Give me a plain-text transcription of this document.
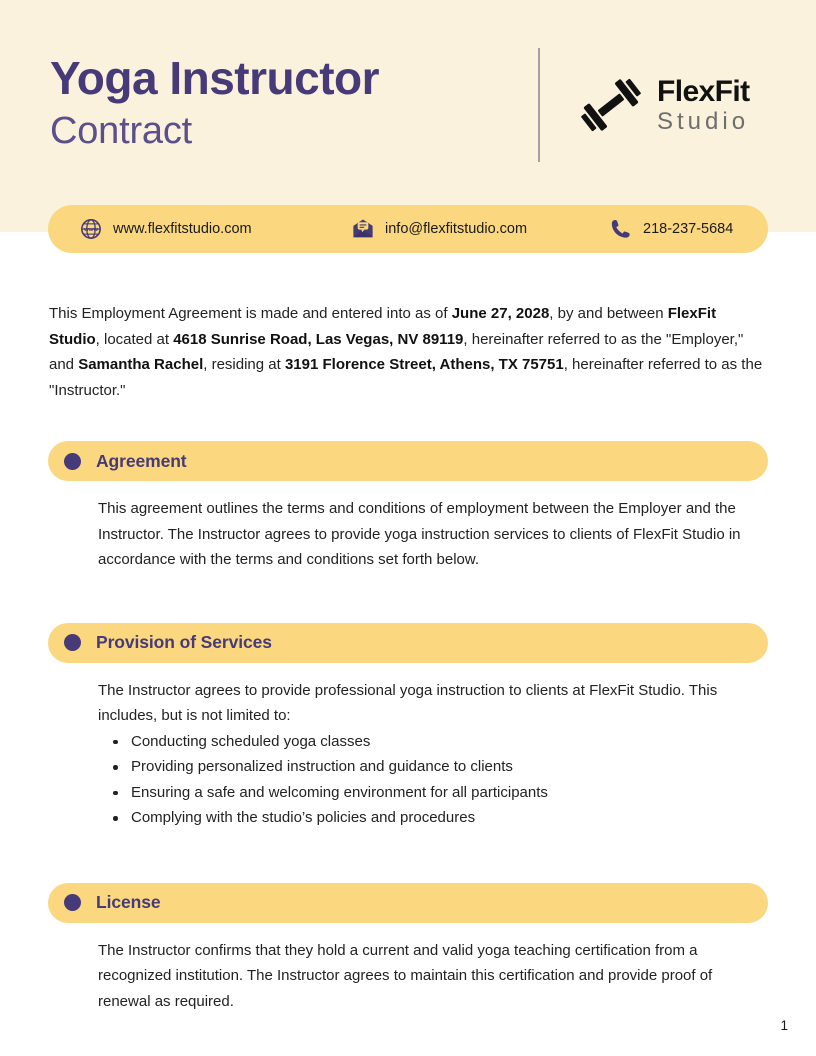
Yoga Instructor
Contract
FlexFit
Studio
WWW www.flexfitstudio.com	info@flexfitstudio.com	218-237-5684
This Employment Agreement is made and entered into as of June 27, 2028, by and between FlexFit Studio, located at 4618 Sunrise Road, Las Vegas, NV 89119, hereinafter referred to as the "Employer," and Samantha Rachel, residing at 3191 Florence Street, Athens, TX 75751, hereinafter referred to as the "Instructor."
Agreement

This agreement outlines the terms and conditions of employment between the Employer and the Instructor. The Instructor agrees to provide yoga instruction services to clients of FlexFit Studio in accordance with the terms and conditions set forth below.

Provision of Services

The Instructor agrees to provide professional yoga instruction to clients at FlexFit Studio. This includes, but is not limited to:

Conducting scheduled yoga classes
Providing personalized instruction and guidance to clients
Ensuring a safe and welcoming environment for all participants
Complying with the studio’s policies and procedures
License

The Instructor confirms that they hold a current and valid yoga teaching certification from a recognized institution. The Instructor agrees to maintain this certification and provide proof of renewal as required.

1
